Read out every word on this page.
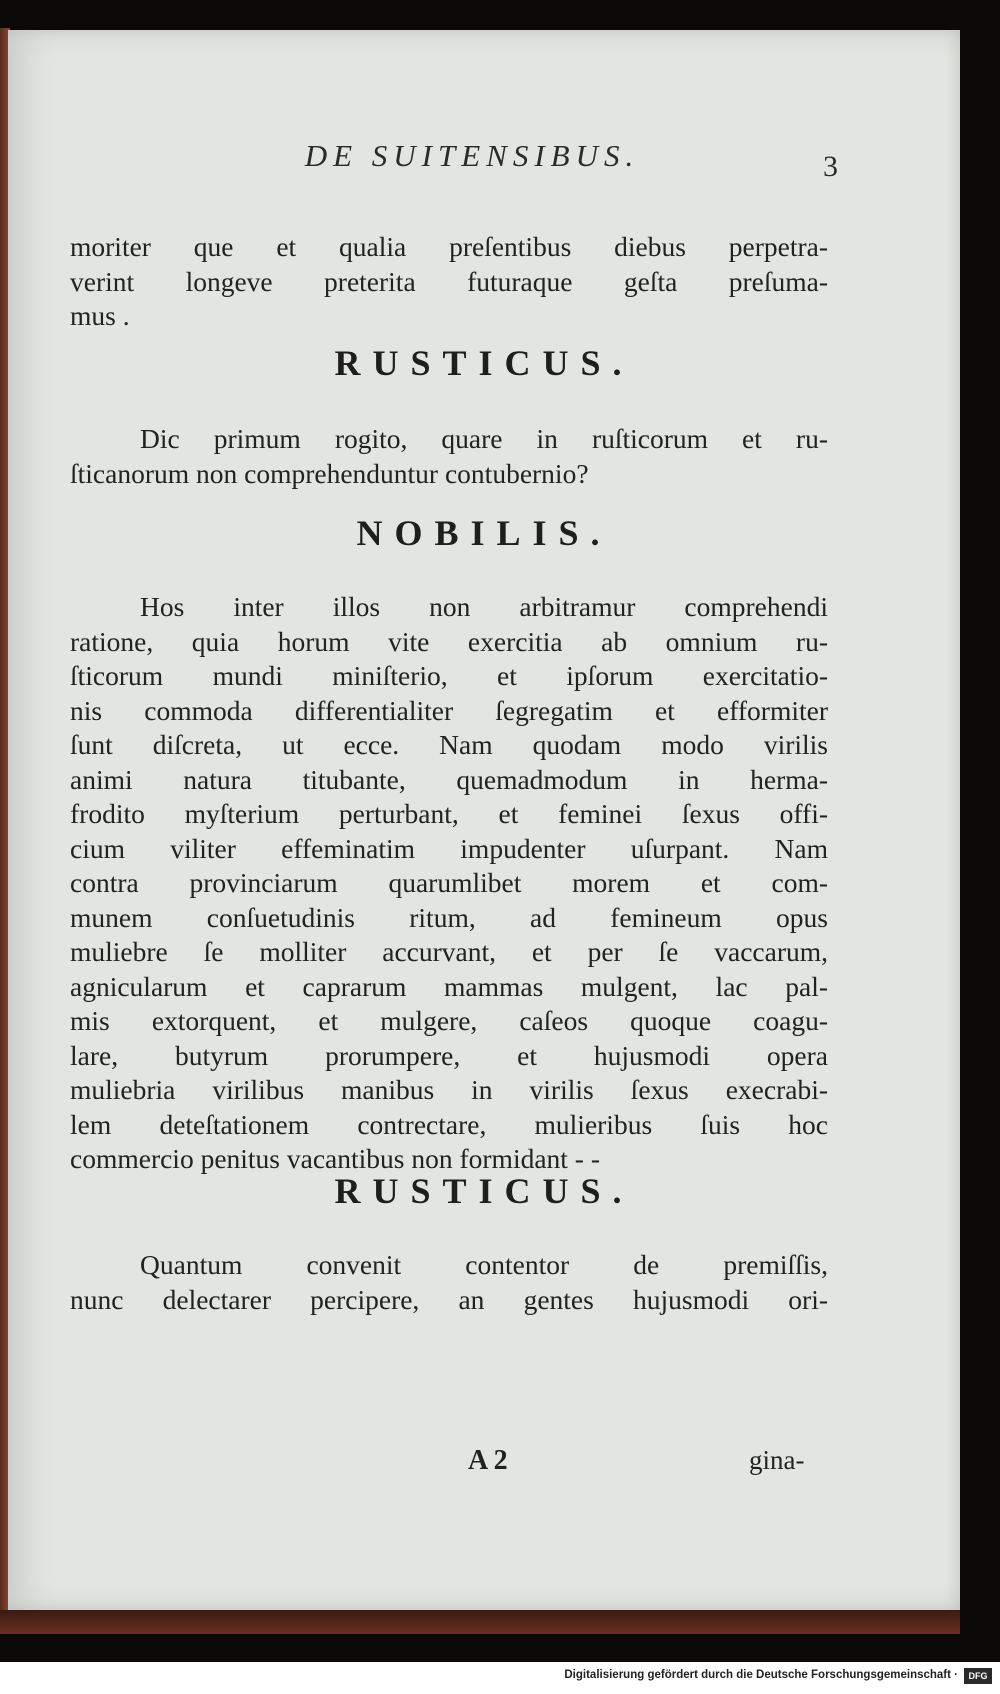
DE SUITENSIBUS.	3
moriter que et qualia preſentibus diebus perpetra-
verint longeve preterita futuraque geſta preſuma-
mus .
RUSTICUS.
Dic primum rogito, quare in ruſticorum et ru-
ſticanorum non comprehenduntur contubernio?
NOBILIS.
Hos inter illos non arbitramur comprehendi
ratione, quia horum vite exercitia ab omnium ru-
ſticorum mundi miniſterio, et ipſorum exercitatio-
nis commoda differentialiter ſegregatim et efformiter
ſunt diſcreta, ut ecce. Nam quodam modo virilis
animi natura titubante, quemadmodum in herma-
frodito myſterium perturbant, et feminei ſexus offi-
cium viliter effeminatim impudenter uſurpant. Nam
contra provinciarum quarumlibet morem et com-
munem conſuetudinis ritum, ad femineum opus
muliebre ſe molliter accurvant, et per ſe vaccarum,
agnicularum et caprarum mammas mulgent, lac pal-
mis extorquent, et mulgere, caſeos quoque coagu-
lare, butyrum prorumpere, et hujusmodi opera
muliebria virilibus manibus in virilis ſexus execrabi-
lem deteſtationem contrectare, mulieribus ſuis hoc
commercio penitus vacantibus non formidant - -
RUSTICUS.
Quantum convenit contentor de premiſſis,
nunc delectarer percipere, an gentes hujusmodi ori-
A 2	gina-
Digitalisierung gefördert durch die Deutsche Forschungsgemeinschaft ·	DFG
